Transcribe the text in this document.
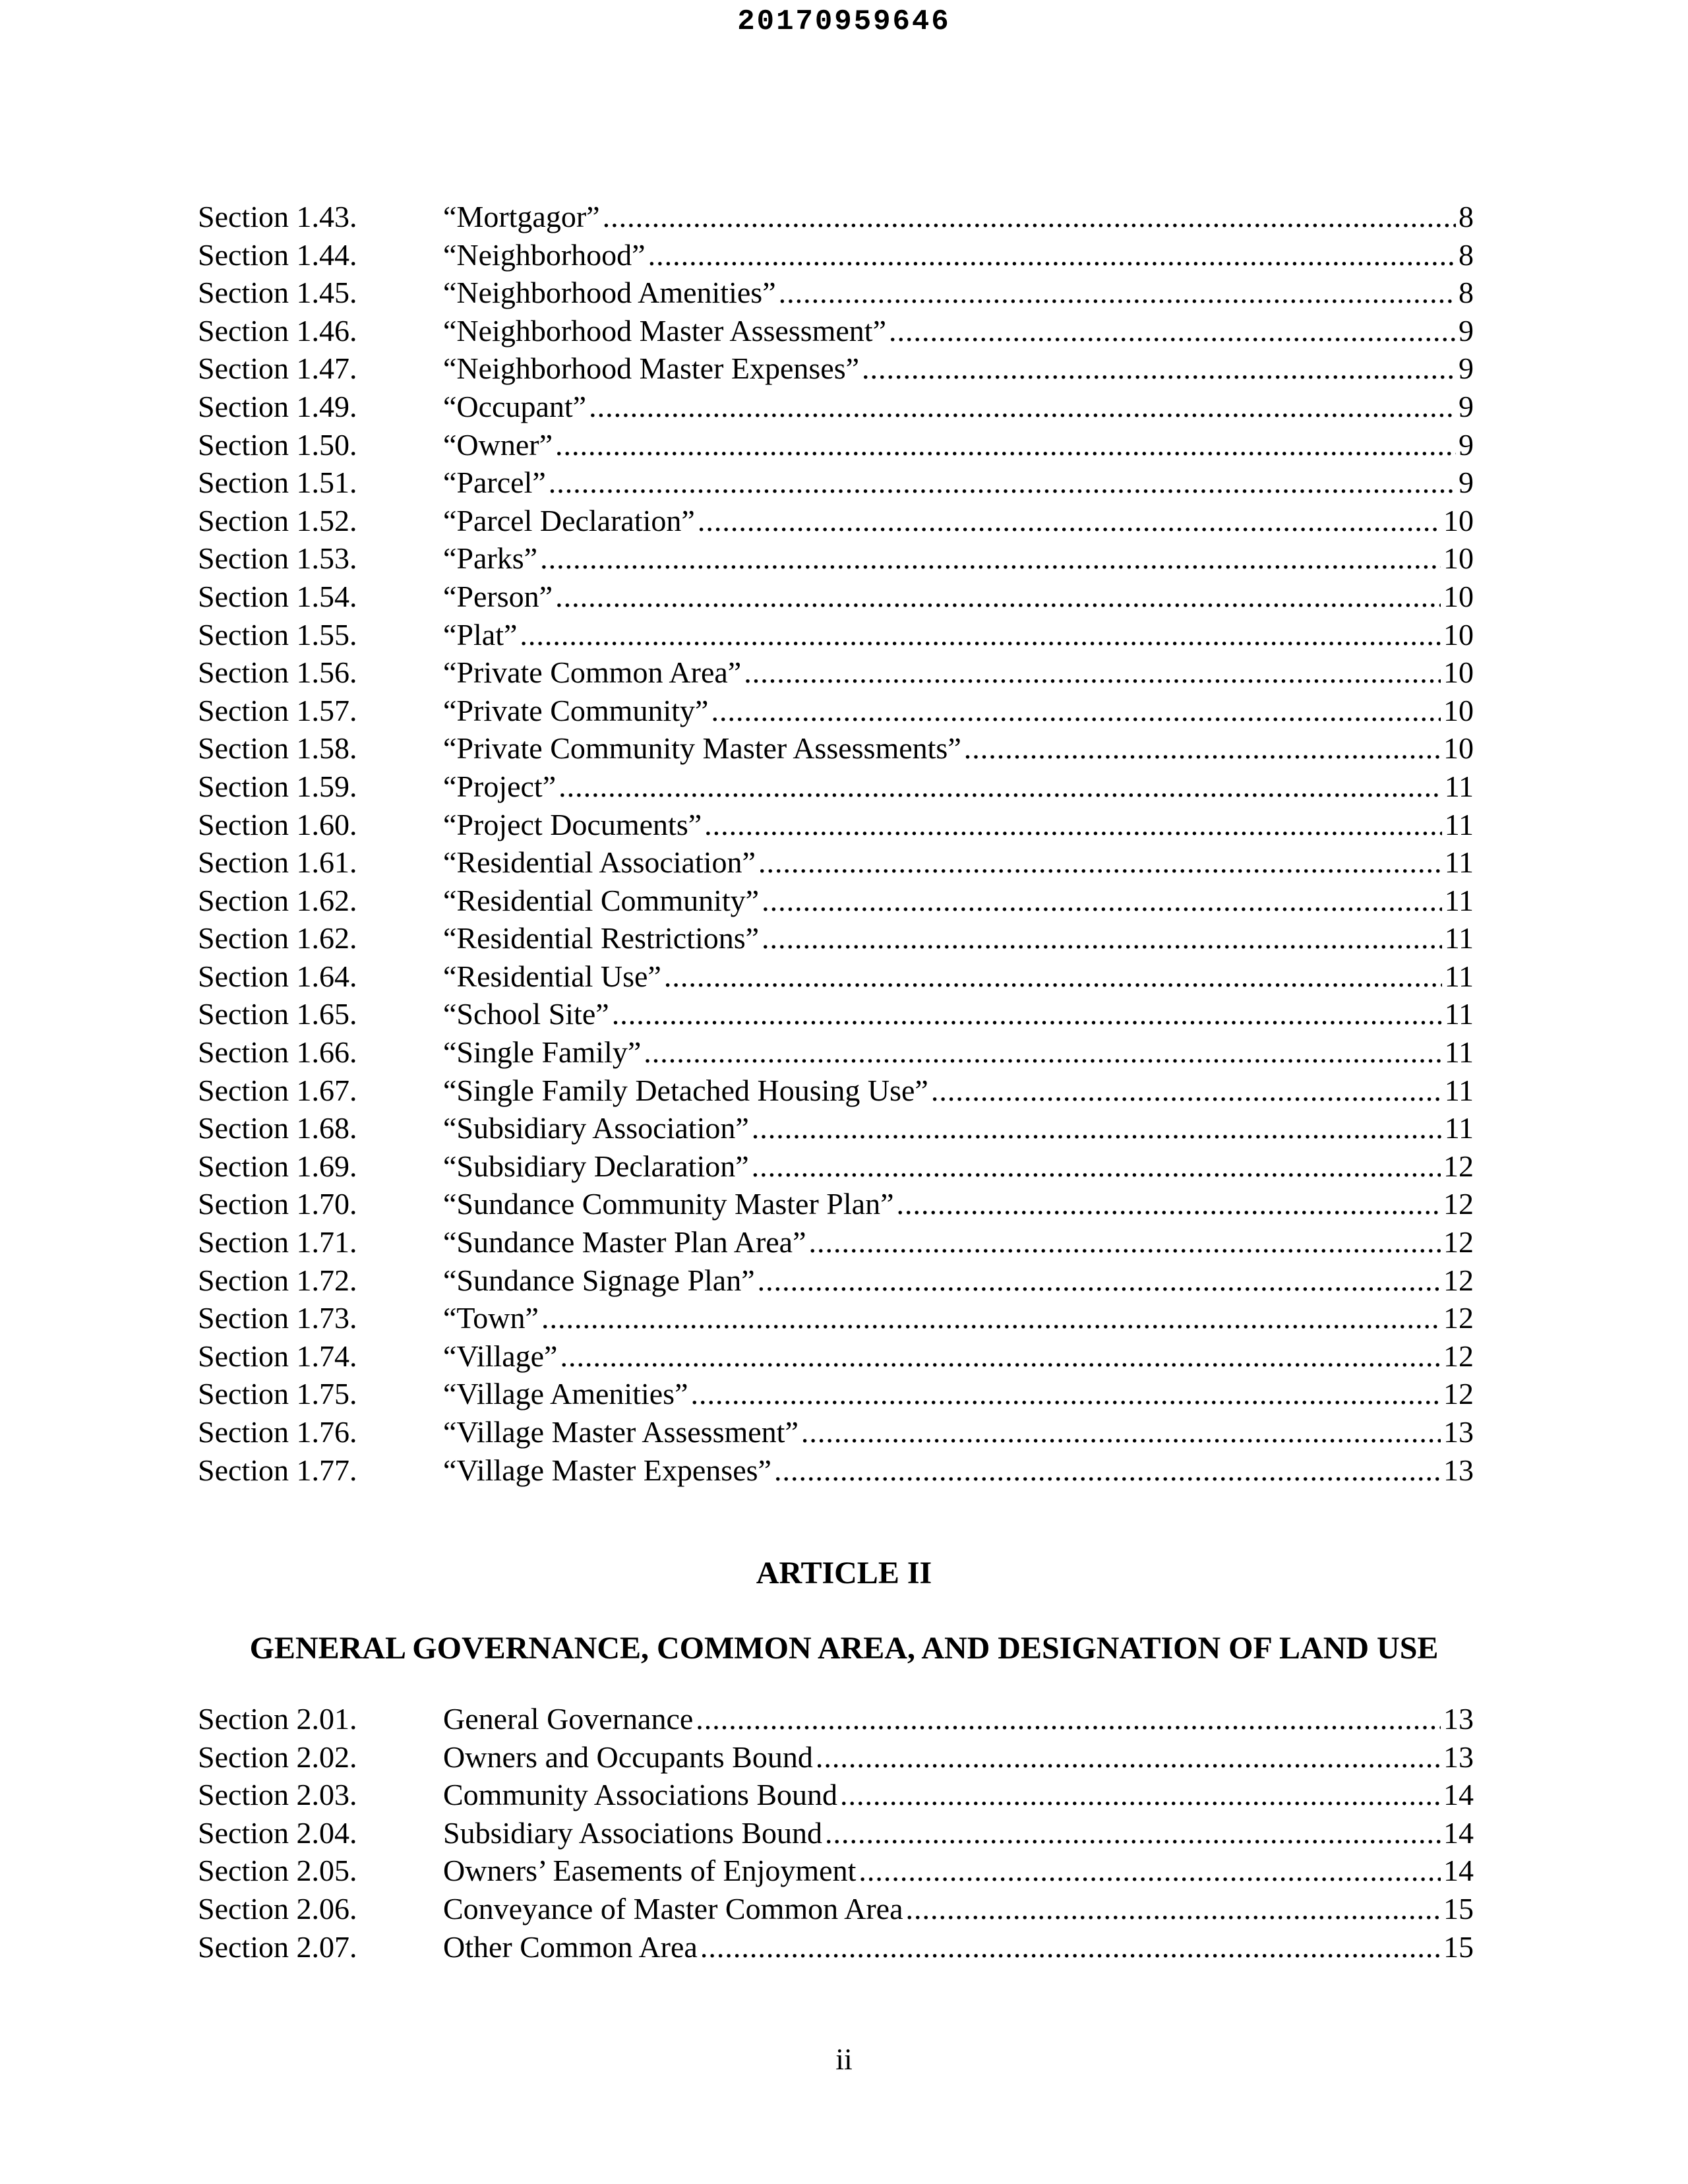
20170959646
Section 1.43.	“Mortgagor” .....	8
Section 1.44.	“Neighborhood” .....	8
Section 1.45.	“Neighborhood Amenities” .....	8
Section 1.46.	“Neighborhood Master Assessment” .....	9
Section 1.47.	“Neighborhood Master Expenses” .....	9
Section 1.49.	“Occupant” .....	9
Section 1.50.	“Owner” .....	9
Section 1.51.	“Parcel” .....	9
Section 1.52.	“Parcel Declaration” .....	10
Section 1.53.	“Parks” .....	10
Section 1.54.	“Person” .....	10
Section 1.55.	“Plat” .....	10
Section 1.56.	“Private Common Area” .....	10
Section 1.57.	“Private Community” .....	10
Section 1.58.	“Private Community Master Assessments” .....	10
Section 1.59.	“Project” .....	11
Section 1.60.	“Project Documents” .....	11
Section 1.61.	“Residential Association” .....	11
Section 1.62.	“Residential Community” .....	11
Section 1.62.	“Residential Restrictions” .....	11
Section 1.64.	“Residential Use” .....	11
Section 1.65.	“School Site” .....	11
Section 1.66.	“Single Family” .....	11
Section 1.67.	“Single Family Detached Housing Use” .....	11
Section 1.68.	“Subsidiary Association” .....	11
Section 1.69.	“Subsidiary Declaration” .....	12
Section 1.70.	“Sundance Community Master Plan” .....	12
Section 1.71.	“Sundance Master Plan Area” .....	12
Section 1.72.	“Sundance Signage Plan” .....	12
Section 1.73.	“Town” .....	12
Section 1.74.	“Village” .....	12
Section 1.75.	“Village Amenities” .....	12
Section 1.76.	“Village Master Assessment” .....	13
Section 1.77.	“Village Master Expenses” .....	13
ARTICLE II
GENERAL GOVERNANCE, COMMON AREA, AND DESIGNATION OF LAND USE
Section 2.01.	General Governance .....	13
Section 2.02.	Owners and Occupants Bound .....	13
Section 2.03.	Community Associations Bound .....	14
Section 2.04.	Subsidiary Associations Bound .....	14
Section 2.05.	Owners’ Easements of Enjoyment .....	14
Section 2.06.	Conveyance of Master Common Area .....	15
Section 2.07.	Other Common Area .....	15
ii
